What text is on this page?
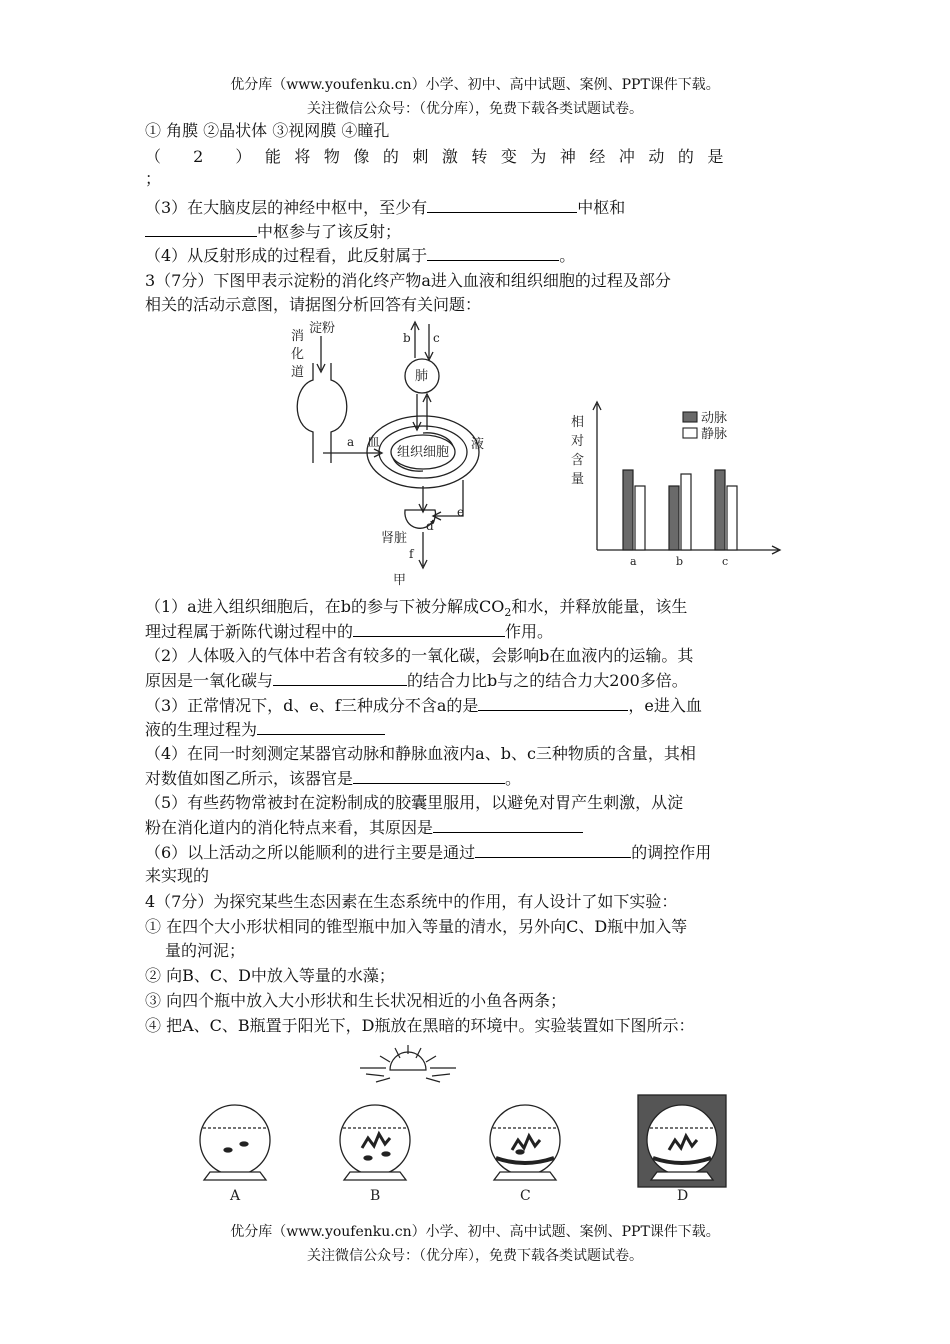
优分库（www.youfenku.cn）小学、初中、高中试题、案例、PPT课件下载。
关注微信公众号：（优分库），免费下载各类试题试卷。
① 角膜 ②晶状体 ③视网膜 ④瞳孔
（ 2 ）能将物像的刺激转变为神经冲动的是
；
（3）在大脑皮层的神经中枢中，至少有	中枢和
中枢参与了该反射；
（4）从反射形成的过程看，此反射属于	。
3（7分）下图甲表示淀粉的消化终产物a进入血液和组织细胞的过程及部分
相关的活动示意图，请据图分析回答有关问题：
消
化
道
淀粉
a
b c
肺
血
组织细胞
液
e
d
肾脏
f
甲
相
对
含
量
a	b	c
动脉
静脉
（1）a进入组织细胞后，在b的参与下被分解成$CO_2$和水，并释放能量，该生
理过程属于新陈代谢过程中的	作用。
（2）人体吸入的气体中若含有较多的一氧化碳，会影响b在血液内的运输。其
原因是一氧化碳与	的结合力比b与之的结合力大200多倍。
（3）正常情况下，d、e、f三种成分不含a的是	，e进入血
液的生理过程为
（4）在同一时刻测定某器官动脉和静脉血液内a、b、c三种物质的含量，其相
对数值如图乙所示，该器官是	。
（5）有些药物常被封在淀粉制成的胶囊里服用，以避免对胃产生刺激，从淀
粉在消化道内的消化特点来看，其原因是
（6）以上活动之所以能顺利的进行主要是通过	的调控作用
来实现的
4（7分）为探究某些生态因素在生态系统中的作用，有人设计了如下实验：
① 在四个大小形状相同的锥型瓶中加入等量的清水，另外向C、D瓶中加入等
量的河泥；
② 向B、C、D中放入等量的水藻；
③ 向四个瓶中放入大小形状和生长状况相近的小鱼各两条；
④ 把A、C、B瓶置于阳光下，D瓶放在黑暗的环境中。实验装置如下图所示：
A	B	C	D
优分库（www.youfenku.cn）小学、初中、高中试题、案例、PPT课件下载。
关注微信公众号：（优分库），免费下载各类试题试卷。
